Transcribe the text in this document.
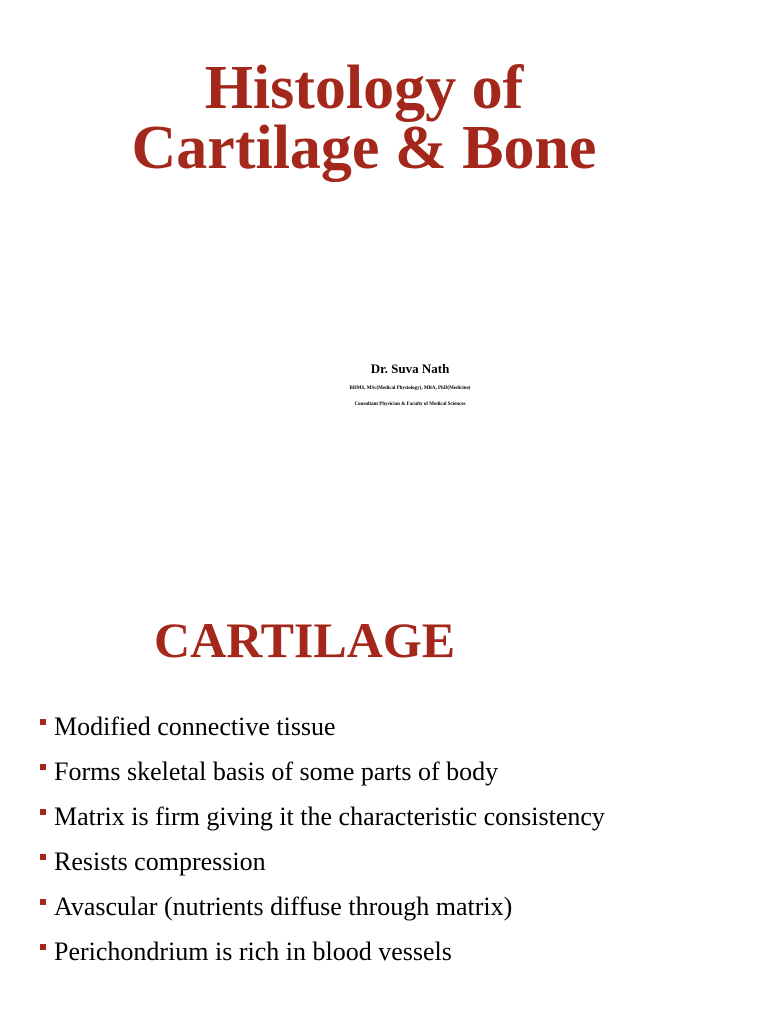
Histology of
Cartilage & Bone
Dr. Suva Nath
BHMS, MSc(Medical Physiology), MBA, PhD(Medicine)
Consultant Physician & Faculty of Medical Sciences
CARTILAGE
Modified connective tissue
Forms skeletal basis of some parts of body
Matrix is firm giving it the characteristic consistency
Resists compression
Avascular (nutrients diffuse through matrix)
Perichondrium is rich in blood vessels
